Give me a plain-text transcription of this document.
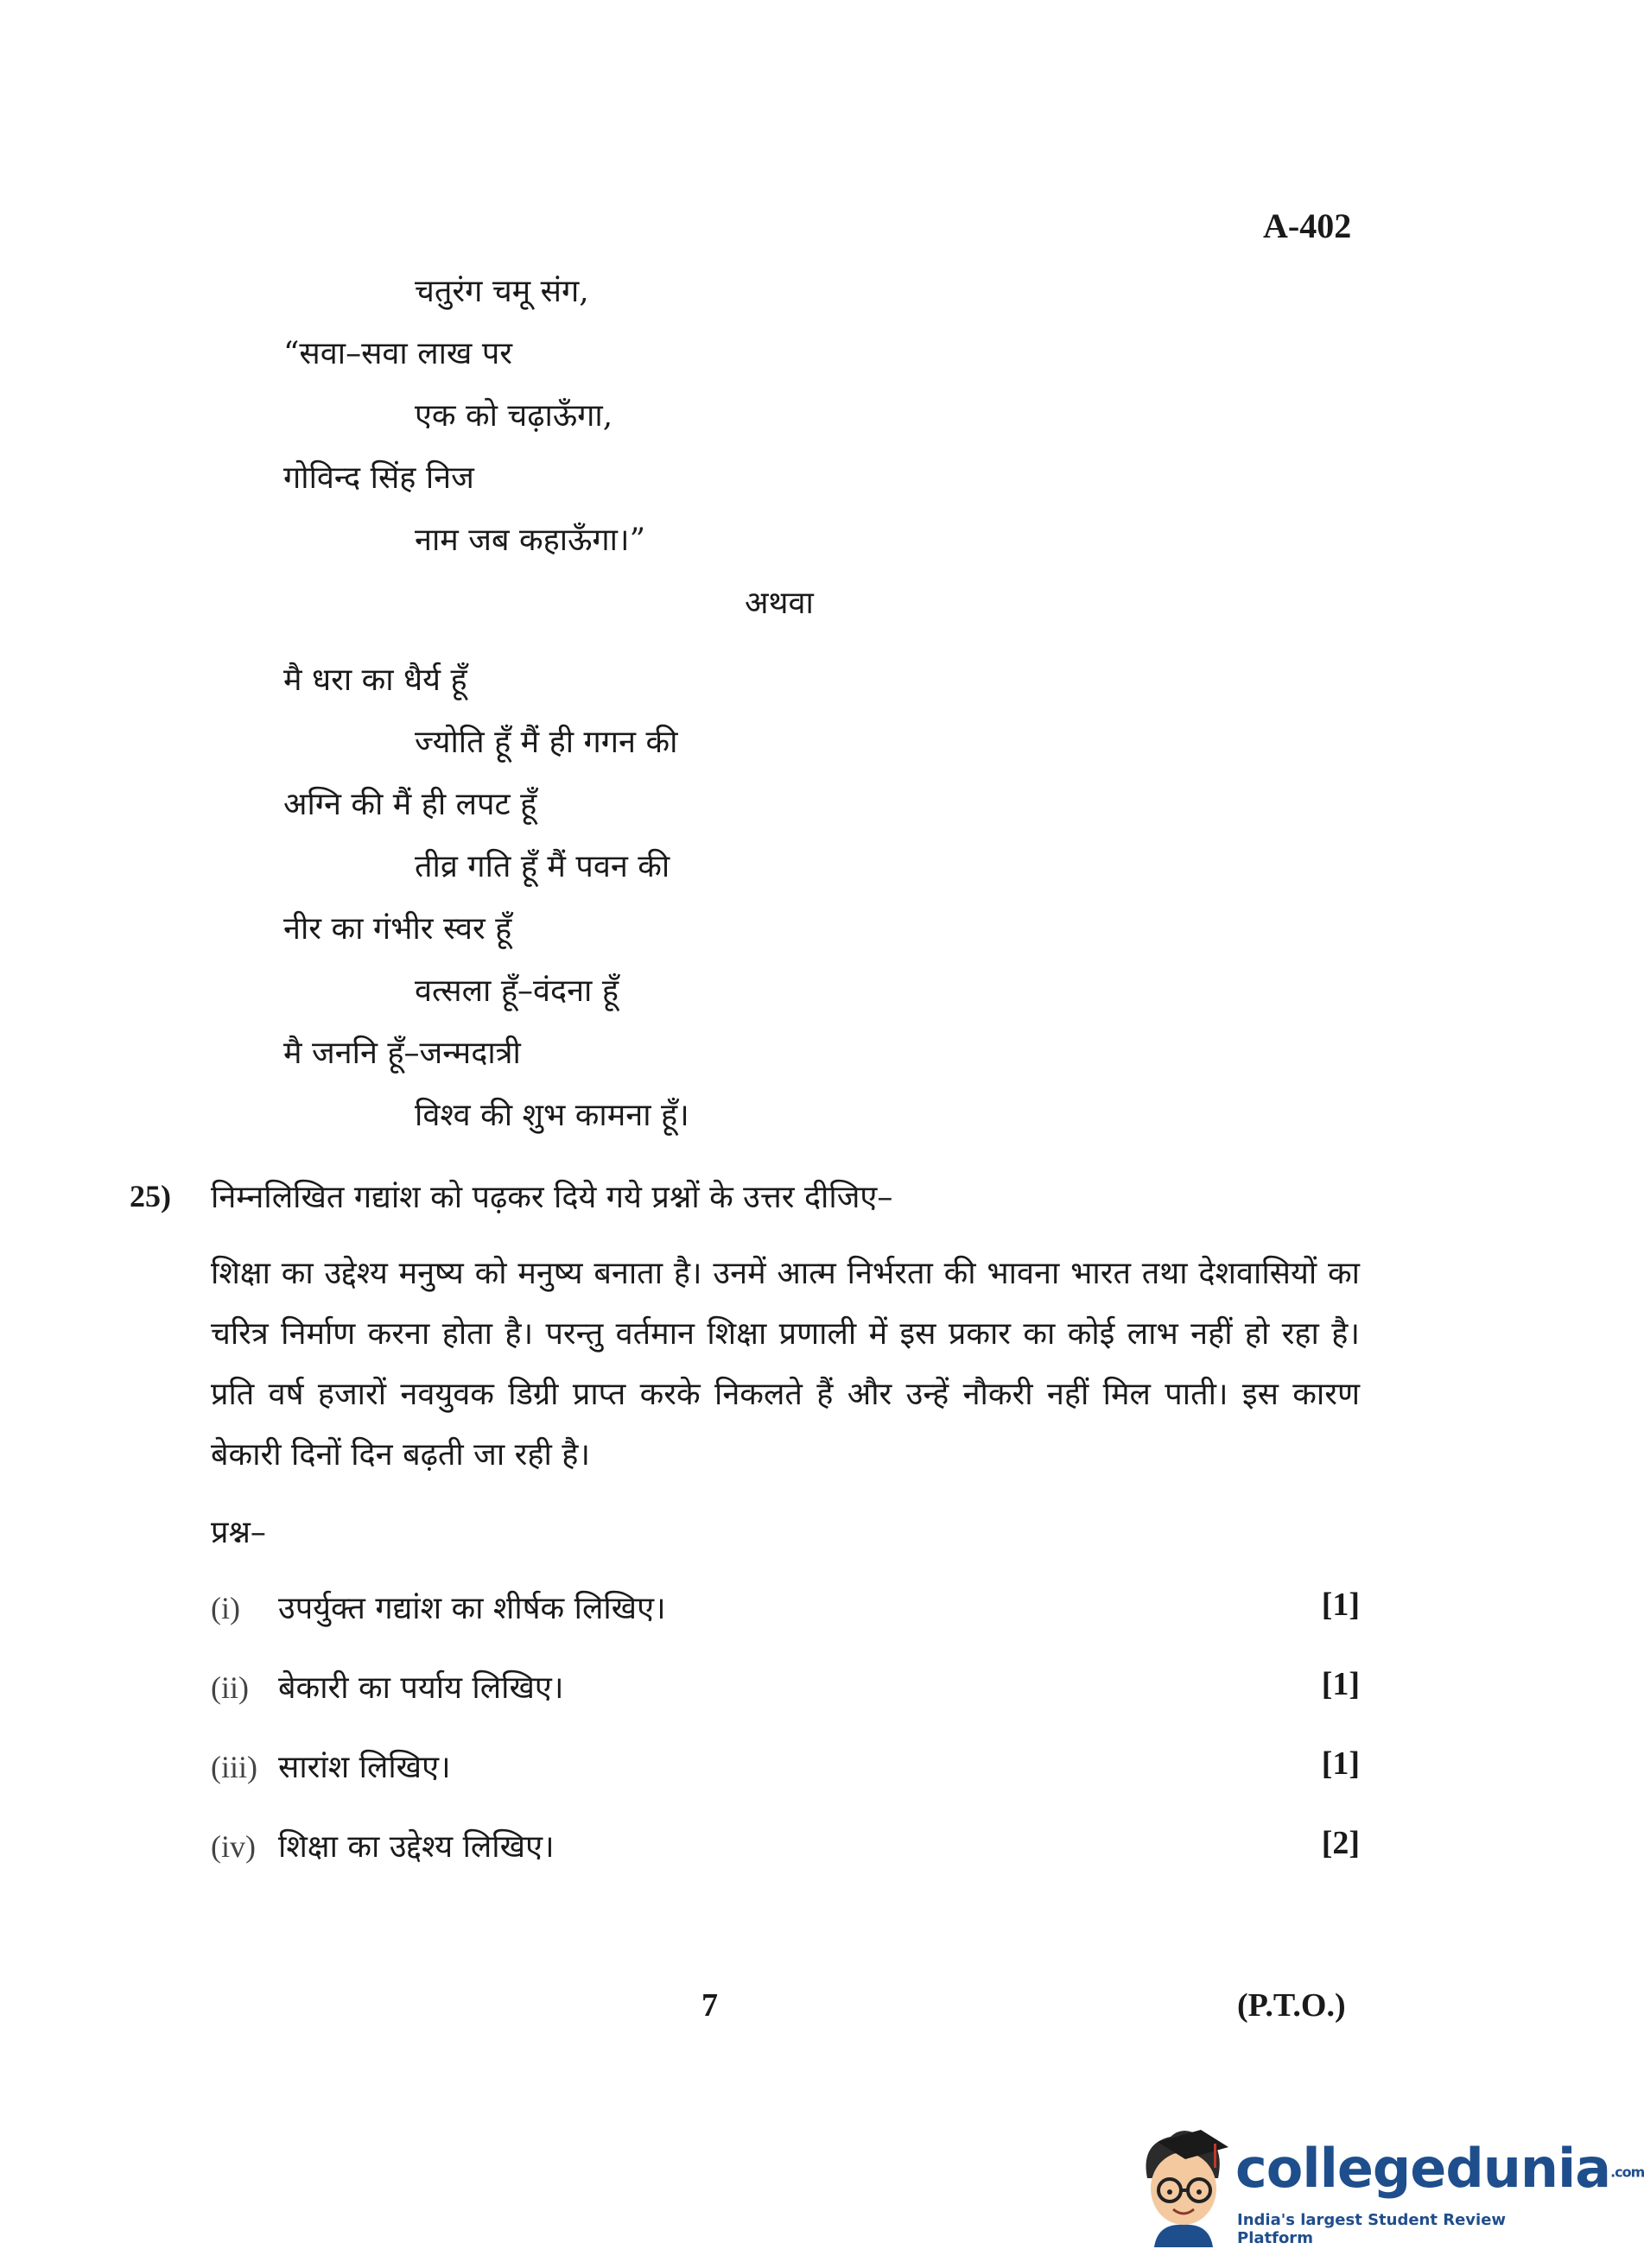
A-402
चतुरंग चमू संग,
“सवा–सवा लाख पर
एक को चढ़ाऊँगा,
गोविन्द सिंह निज
नाम जब कहाऊँगा।”
अथवा
मै धरा का धैर्य हूँ
ज्योति हूँ मैं ही गगन की
अग्नि की मैं ही लपट हूँ
तीव्र गति हूँ मैं पवन की
नीर का गंभीर स्वर हूँ
वत्सला हूँ–वंदना हूँ
मै जननि हूँ–जन्मदात्री
विश्व की शुभ कामना हूँ।
25) निम्नलिखित गद्यांश को पढ़कर दिये गये प्रश्नों के उत्तर दीजिए–
शिक्षा का उद्देश्य मनुष्य को मनुष्य बनाता है। उनमें आत्म निर्भरता की भावना भारत तथा देशवासियों का चरित्र निर्माण करना होता है। परन्तु वर्तमान शिक्षा प्रणाली में इस प्रकार का कोई लाभ नहीं हो रहा है। प्रति वर्ष हजारों नवयुवक डिग्री प्राप्त करके निकलते हैं और उन्हें नौकरी नहीं मिल पाती। इस कारण बेकारी दिनों दिन बढ़ती जा रही है।
प्रश्न–
(i) उपर्युक्त गद्यांश का शीर्षक लिखिए।	[1]
(ii) बेकारी का पर्याय लिखिए।	[1]
(iii) सारांश लिखिए।	[1]
(iv) शिक्षा का उद्देश्य लिखिए।	[2]
7	(P.T.O.)
collegedunia.com
India's largest Student Review Platform
